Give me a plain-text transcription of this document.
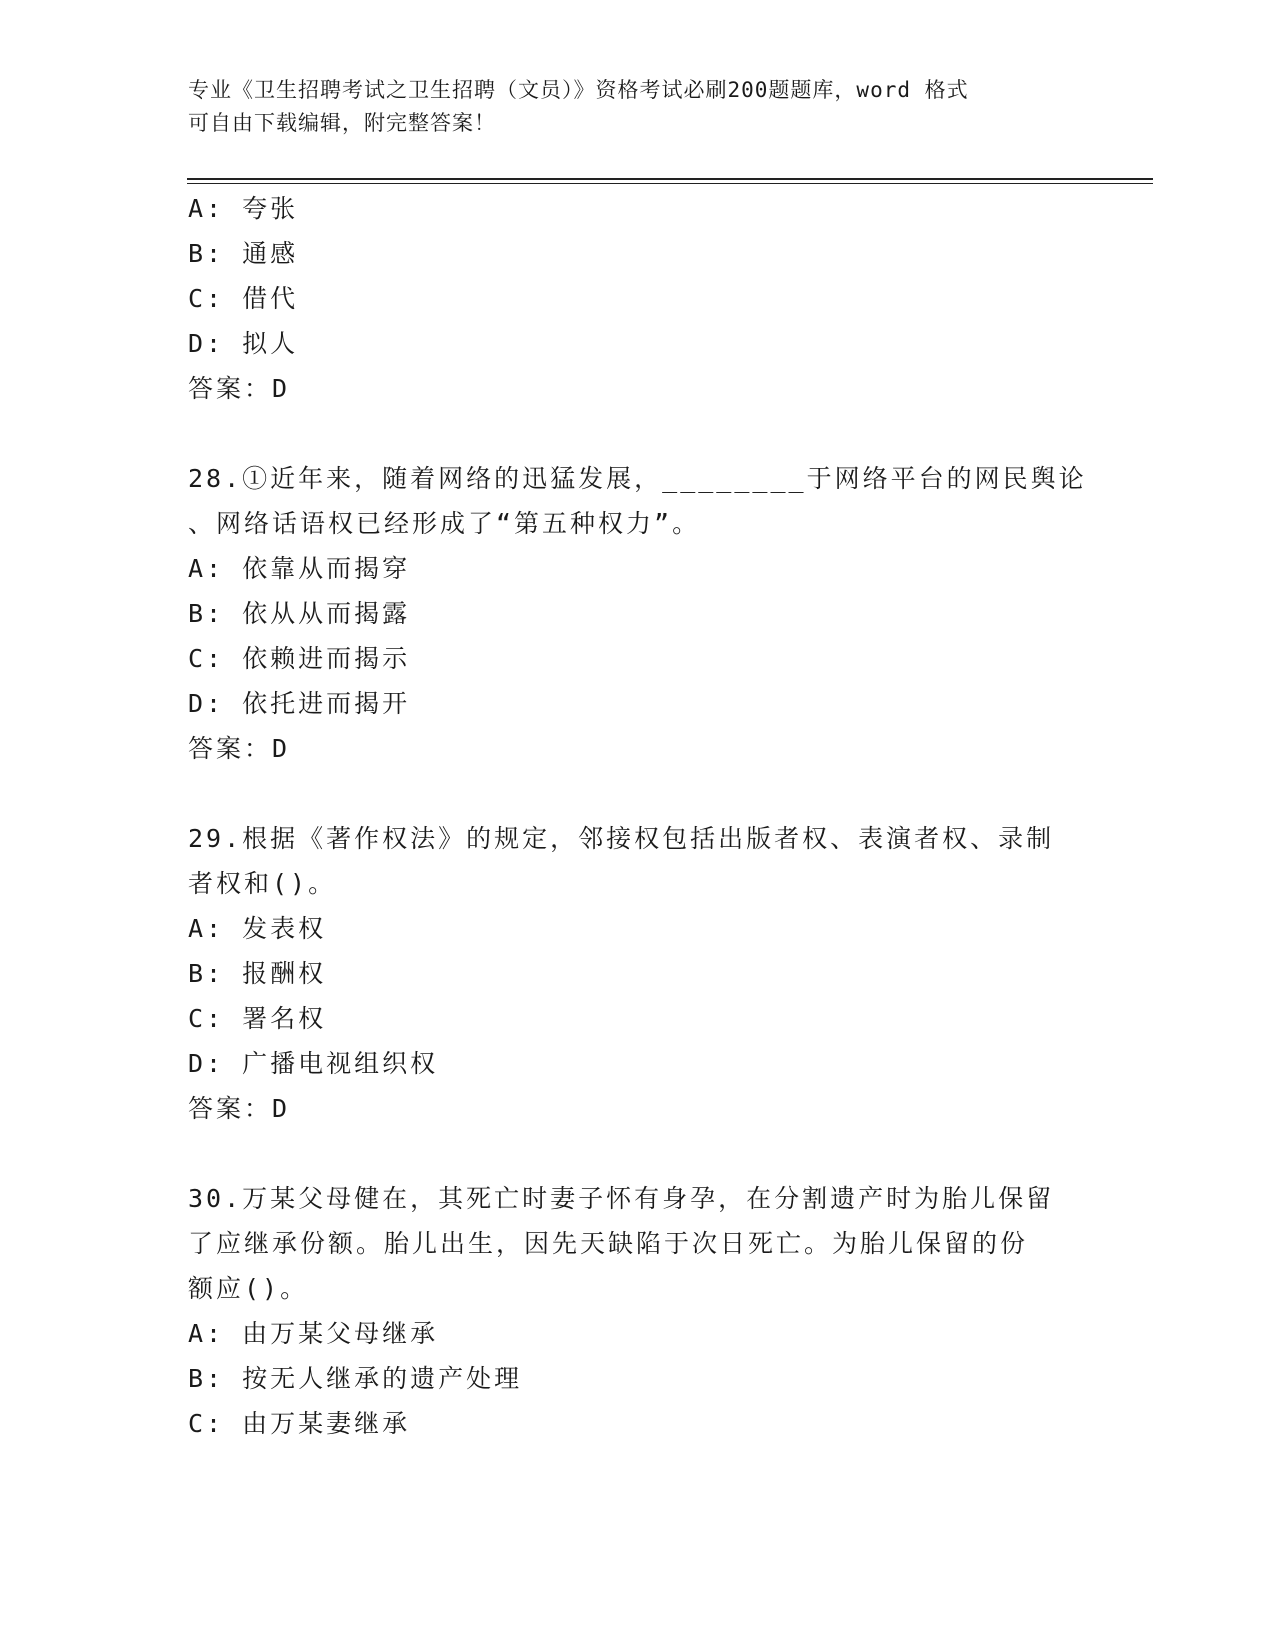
专业《卫生招聘考试之卫生招聘（文员）》资格考试必刷200题题库，word 格式
可自由下载编辑，附完整答案！
A: 夸张
B: 通感
C: 借代
D: 拟人
答案：D
28.①近年来，随着网络的迅猛发展，________于网络平台的网民舆论
、网络话语权已经形成了“第五种权力”。
A: 依靠从而揭穿
B: 依从从而揭露
C: 依赖进而揭示
D: 依托进而揭开
答案：D
29.根据《著作权法》的规定，邻接权包括出版者权、表演者权、录制
者权和()。
A: 发表权
B: 报酬权
C: 署名权
D: 广播电视组织权
答案：D
30.万某父母健在，其死亡时妻子怀有身孕，在分割遗产时为胎儿保留
了应继承份额。胎儿出生，因先天缺陷于次日死亡。为胎儿保留的份
额应()。
A: 由万某父母继承
B: 按无人继承的遗产处理
C: 由万某妻继承
